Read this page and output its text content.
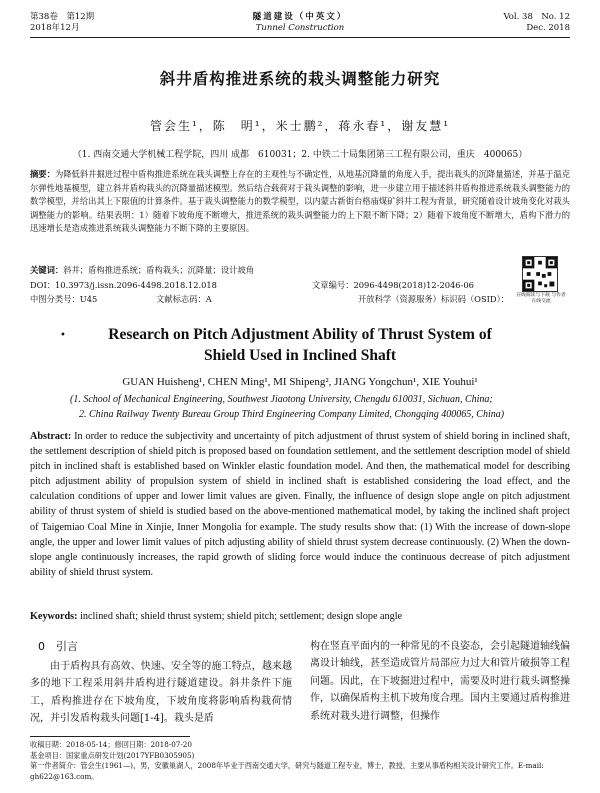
第38卷　第12期
2018年12月
隧道建设（中英文）
Tunnel Construction
Vol. 38　No. 12
Dec. 2018
斜井盾构推进系统的栽头调整能力研究
管会生¹，陈　明¹，米士鹏²，蒋永春¹，谢友慧¹
（1. 西南交通大学机械工程学院，四川 成都　610031；2. 中铁二十局集团第三工程有限公司，重庆　400065）
摘要：为降低斜井掘进过程中盾构推进系统在栽头调整上存在的主观性与不确定性，从地基沉降量的角度入手，提出栽头的沉降量描述，并基于温克尔弹性地基模型，建立斜井盾构栽头的沉降量描述模型。然后结合载荷对于栽头调整的影响，进一步建立用于描述斜井盾构推进系统栽头调整能力的数学模型，并给出其上下限值的计算条件。基于栽头调整能力的数学模型，以内蒙古新街台格庙煤矿斜井工程为背景，研究随着设计坡角变化对栽头调整能力的影响。结果表明：1）随着下坡角度不断增大，推进系统的栽头调整能力的上下限不断下降；2）随着下坡角度不断增大，盾构下滑力的迅速增长是造成推进系统栽头调整能力不断下降的主要原因。
关键词：斜井；盾构推进系统；盾构栽头；沉降量；设计坡角
DOI：10.3973/j.issn.2096-4498.2018.12.018	文章编号：2096-4498(2018)12-2046-06
中图分类号：U45	文献标志码：A	开放科学（资源服务）标识码（OSID）：	在线阅读与下载 与作者在线交流
•	Research on Pitch Adjustment Ability of Thrust System of
Shield Used in Inclined Shaft
GUAN Huisheng¹, CHEN Ming¹, MI Shipeng², JIANG Yongchun¹, XIE Youhui¹
(1. School of Mechanical Engineering, Southwest Jiaotong University, Chengdu 610031, Sichuan, China;
2. China Railway Twenty Bureau Group Third Engineering Company Limited, Chongqing 400065, China)
Abstract: In order to reduce the subjectivity and uncertainty of pitch adjustment of thrust system of shield boring in inclined shaft, the settlement description of shield pitch is proposed based on foundation settlement, and the settlement description model of shield pitch in inclined shaft is established based on Winkler elastic foundation model. And then, the mathematical model for describing pitch adjustment ability of propulsion system of shield in inclined shaft is established considering the load effect, and the calculation conditions of upper and lower limit values are given. Finally, the influence of design slope angle on pitch adjustment ability of thrust system of shield is studied based on the above-mentioned mathematical model, by taking the inclined shaft project of Taigemiao Coal Mine in Xinjie, Inner Mongolia for example. The study results show that: (1) With the increase of down-slope angle, the upper and lower limit values of pitch adjusting ability of shield thrust system decrease continuously. (2) When the down-slope angle continuously increases, the rapid growth of sliding force would induce the continuous decrease of pitch adjustment ability of shield thrust system.
Keywords: inclined shaft; shield thrust system; shield pitch; settlement; design slope angle
0　引言
由于盾构具有高效、快速、安全等的施工特点，越来越多的地下工程采用斜井盾构进行隧道建设。斜井条件下施工，盾构推进存在下坡角度，下坡角度将影响盾构栽荷情况，并引发盾构栽头问题[1-4]。栽头是盾
构在竖直平面内的一种常见的不良姿态，会引起隧道轴线偏离设计轴线，甚至造成管片局部应力过大和管片破损等工程问题。因此，在下坡掘进过程中，需要及时进行栽头调整操作，以确保盾构主机下坡角度合理。国内主要通过盾构推进系统对栽头进行调整，但操作
收稿日期：2018-05-14；修回日期：2018-07-20
基金项目：国家重点研发计划(2017YFB0305905)
第一作者简介：管会生(1961—)，男，安徽巢湖人，2008年毕业于西南交通大学，研究与隧道工程专业，博士，教授，主要从事盾构相关设计研究工作。E-mail: gh622@163.com。
